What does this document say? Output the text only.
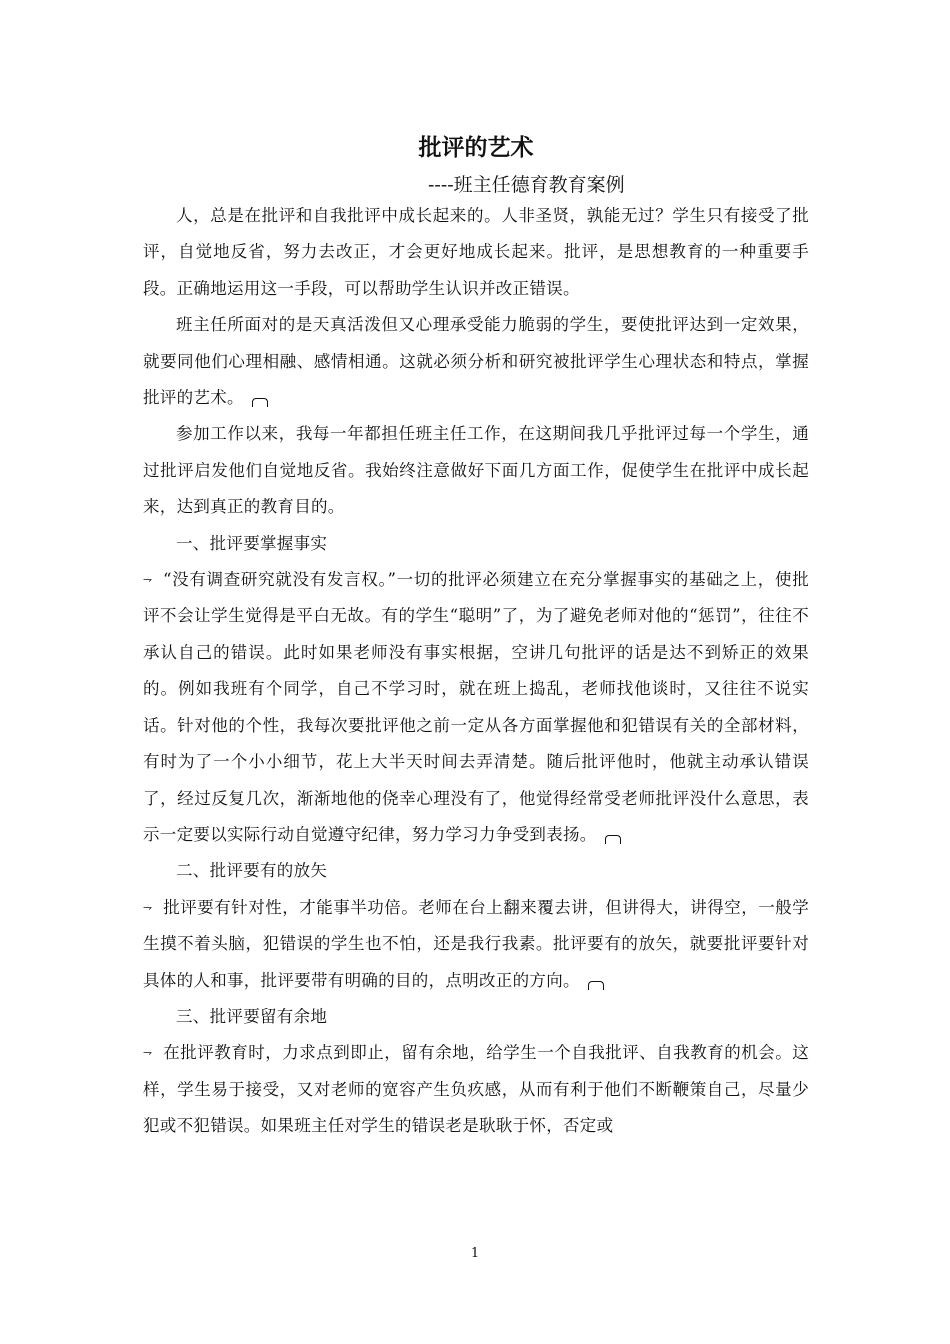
批评的艺术
----班主任德育教育案例

人，总是在批评和自我批评中成长起来的。人非圣贤，孰能无过？学生只有接受了批评，自觉地反省，努力去改正，才会更好地成长起来。批评，是思想教育的一种重要手段。正确地运用这一手段，可以帮助学生认识并改正错误。

班主任所面对的是天真活泼但又心理承受能力脆弱的学生，要使批评达到一定效果，就要同他们心理相融、感情相通。这就必须分析和研究被批评学生心理状态和特点，掌握批评的艺术。

参加工作以来，我每一年都担任班主任工作，在这期间我几乎批评过每一个学生，通过批评启发他们自觉地反省。我始终注意做好下面几方面工作，促使学生在批评中成长起来，达到真正的教育目的。

一、批评要掌握事实

⇁ “没有调查研究就没有发言权。”一切的批评必须建立在充分掌握事实的基础之上，使批评不会让学生觉得是平白无故。有的学生“聪明”了，为了避免老师对他的“惩罚”，往往不承认自己的错误。此时如果老师没有事实根据，空讲几句批评的话是达不到矫正的效果的。例如我班有个同学，自己不学习时，就在班上捣乱，老师找他谈时，又往往不说实话。针对他的个性，我每次要批评他之前一定从各方面掌握他和犯错误有关的全部材料，有时为了一个小小细节，花上大半天时间去弄清楚。随后批评他时，他就主动承认错误了，经过反复几次，渐渐地他的侥幸心理没有了，他觉得经常受老师批评没什么意思，表示一定要以实际行动自觉遵守纪律，努力学习力争受到表扬。

二、批评要有的放矢

⇁ 批评要有针对性，才能事半功倍。老师在台上翻来覆去讲，但讲得大，讲得空，一般学生摸不着头脑，犯错误的学生也不怕，还是我行我素。批评要有的放矢，就要批评要针对具体的人和事，批评要带有明确的目的，点明改正的方向。

三、批评要留有余地

⇁ 在批评教育时，力求点到即止，留有余地，给学生一个自我批评、自我教育的机会。这样，学生易于接受，又对老师的宽容产生负疚感，从而有利于他们不断鞭策自己，尽量少犯或不犯错误。如果班主任对学生的错误老是耿耿于怀，否定或

1
